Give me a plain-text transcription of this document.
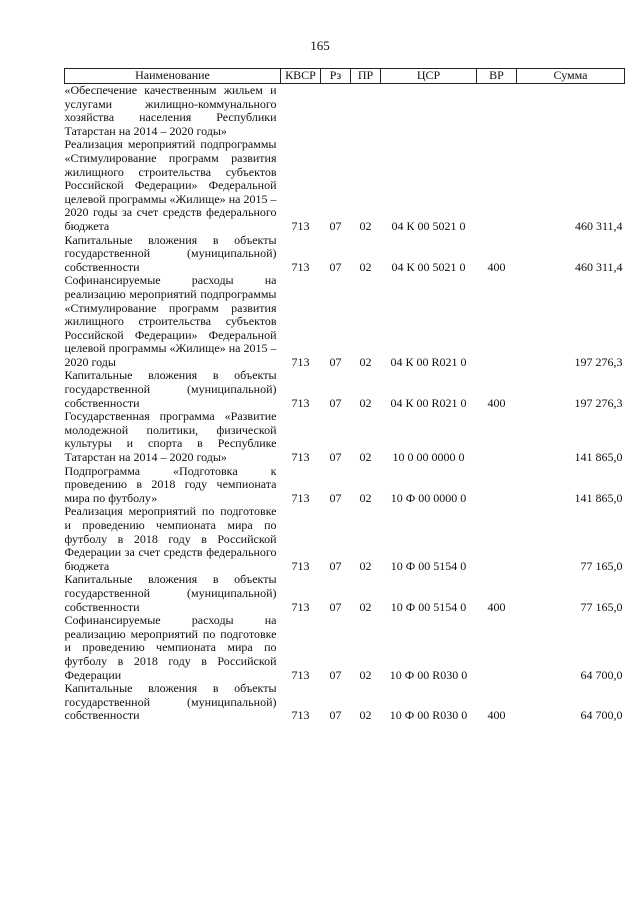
165
Наименование	КВСР	Рз	ПР	ЦСР	ВР	Сумма
«Обеспечение качественным жильем и услугами жилищно-коммунального хозяйства населения Республики Татарстан на 2014 – 2020 годы»						
Реализация мероприятий подпрограммы «Стимулирование программ развития жилищного строительства субъектов Российской Федерации» Федеральной целевой программы «Жилище» на 2015 – 2020 годы за счет средств федерального бюджета	713	07	02	04 К 00 5021 0		460 311,4
Капитальные вложения в объекты государственной (муниципальной) собственности	713	07	02	04 К 00 5021 0	400	460 311,4
Софинансируемые расходы на реализацию мероприятий подпрограммы «Стимулирование программ развития жилищного строительства субъектов Российской Федерации» Федеральной целевой программы «Жилище» на 2015 – 2020 годы	713	07	02	04 К 00 R021 0		197 276,3
Капитальные вложения в объекты государственной (муниципальной) собственности	713	07	02	04 К 00 R021 0	400	197 276,3
Государственная программа «Развитие молодежной политики, физической культуры и спорта в Республике Татарстан на 2014 – 2020 годы»	713	07	02	10 0 00 0000 0		141 865,0
Подпрограмма «Подготовка к проведению в 2018 году чемпионата мира по футболу»	713	07	02	10 Ф 00 0000 0		141 865,0
Реализация мероприятий по подготовке и проведению чемпионата мира по футболу в 2018 году в Российской Федерации за счет средств федерального бюджета	713	07	02	10 Ф 00 5154 0		77 165,0
Капитальные вложения в объекты государственной (муниципальной) собственности	713	07	02	10 Ф 00 5154 0	400	77 165,0
Софинансируемые расходы на реализацию мероприятий по подготовке и проведению чемпионата мира по футболу в 2018 году в Российской Федерации	713	07	02	10 Ф 00 R030 0		64 700,0
Капитальные вложения в объекты государственной (муниципальной) собственности	713	07	02	10 Ф 00 R030 0	400	64 700,0
